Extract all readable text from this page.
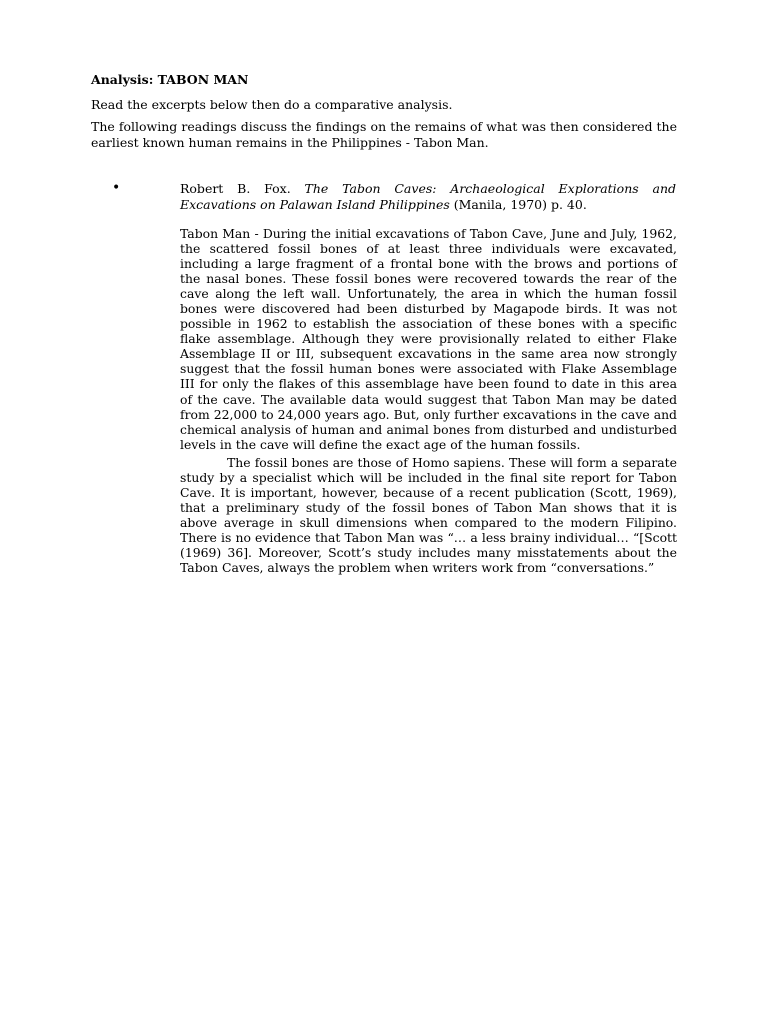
Analysis: TABON MAN

Read the excerpts below then do a comparative analysis.

The following readings discuss the findings on the remains of what was then considered the earliest known human remains in the Philippines - Tabon Man.

•	Robert B. Fox. The Tabon Caves: Archaeological Explorations and Excavations on Palawan Island Philippines (Manila, 1970) p. 40.

Tabon Man - During the initial excavations of Tabon Cave, June and July, 1962, the scattered fossil bones of at least three individuals were excavated, including a large fragment of a frontal bone with the brows and portions of the nasal bones. These fossil bones were recovered towards the rear of the cave along the left wall. Unfortunately, the area in which the human fossil bones were discovered had been disturbed by Magapode birds. It was not possible in 1962 to establish the association of these bones with a specific flake assemblage. Although they were provisionally related to either Flake Assemblage II or III, subsequent excavations in the same area now strongly suggest that the fossil human bones were associated with Flake Assemblage III for only the flakes of this assemblage have been found to date in this area of the cave. The available data would suggest that Tabon Man may be dated from 22,000 to 24,000 years ago. But, only further excavations in the cave and chemical analysis of human and animal bones from disturbed and undisturbed levels in the cave will define the exact age of the human fossils.

The fossil bones are those of Homo sapiens. These will form a separate study by a specialist which will be included in the final site report for Tabon Cave. It is important, however, because of a recent publication (Scott, 1969), that a preliminary study of the fossil bones of Tabon Man shows that it is above average in skull dimensions when compared to the modern Filipino. There is no evidence that Tabon Man was “… a less brainy individual… “[Scott (1969) 36]. Moreover, Scott’s study includes many misstatements about the Tabon Caves, always the problem when writers work from “conversations.”
